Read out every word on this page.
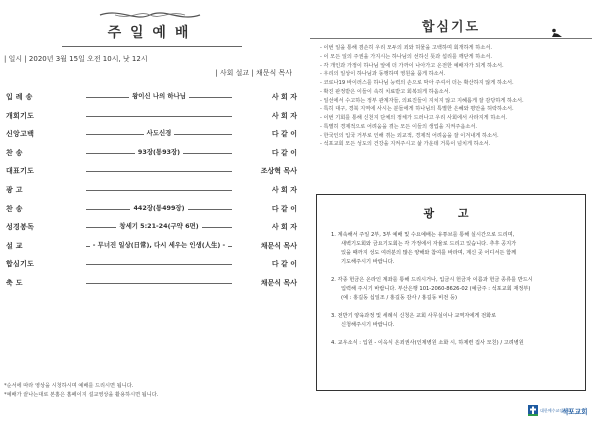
주 일 예 배
| 일시 | 2020년 3월 15일 오전 10시, 낫 12시
| 사회 설교 | 채문식 목사
입 례 송	왕이신 나의 하나님	사 회 자
개회기도	사 회 자
신앙고백	사도신경	다 같 이
찬 송	93장(통93장)	다 같 이
대표기도	조상혁 목사
광 고	사 회 자
찬 송	442장(통499장)	다 같 이
성경봉독	창세기 5:21-24(구약 6면)	사 회 자
설 교	- 무너진 일상(日常), 다시 세우는 인생(人生) -	채문식 목사
합심기도	다 같 이
축 도	채문식 목사
*순서에 따라 영상을 시청하시며 예배를 드리시면 됩니다.
*예배가 끝나는대로 본홈은 홈페이지 설교영상을 활용하시면 됩니다.
합심기도
- 이번 일을 통해 겸손히 우리 모두의 죄와 허물을 고백하며 회개하게 하소서.
- 이 모든 일의 주권을 가지시는 하나님의 선하신 뜻과 섭리를 깨닫게 하소서.
- 각 개인과 가정이 하나님 앞에 더 가까이 나아가고 온전한 예배자가 되게 하소서.
- 우리의 일상이 하나님과 동행하며 영원을 품게 하소서.
- 코로나19 바이러스를 하나님 능력의 손으로 막아 주셔서 더는 확산하지 않게 하소서.
- 확진 판정받은 이들이 속히 치료받고 회복되게 하옵소서.
- 일선에서 수고하는 정부 관계자들, 의료진들이 지치지 않고 지혜롭게 잘 감당하게 하소서.
- 특히 대구, 경북 지역에 사시는 분들에게 하나님의 특별한 은혜와 평안을 허락하소서.
- 이번 기회를 통해 신천지 단체의 정체가 드러나고 우리 사회에서 사라지게 하소서.
- 특별히 경제적으로 어려움을 겪는 모든 이들의 생업을 지켜주옵소서.
- 한국인의 입국 거부로 인해 겪는 외교적, 경제적 어려움을 잘 이겨내게 하소서.
- 석포교회 모든 성도의 건강을 지켜주시고 삶 가운데 거룩이 넘치게 하소서.
광 고
1. 계속해서 주일 2부, 3부 예배 및 수요예배는 유튜브를 통해 실시간으로 드리며,
새벽기도회와 금요기도회는 각 가정에서 자율로 드리고 있습니다. 추후 공지가
있을 때까지 성도 여러분의 많은 양해와 참여를 바라며, 계신 곳 어디서든 함께
기도해주시기 바랍니다.
2. 각종 헌금은 온라인 계좌를 통해 드리시거나, 입금시 헌금자 이름과 헌금 종류를 반드시
입력해 주시기 바랍니다. 부산은행 101-2060-8626-02 (예금주 : 석포교회 재정부)
(예 : 홍길동 십일조 / 홍길동 감사 / 홍길동 비전 등)
3. 전반기 양육과정 및 세례식 신청은 교회 사무실이나 교역자에게 전화로
신청해주시기 바랍니다.
4. 교우소식 : 입원 - 이옥식 온죄권사(인제병원 소화 시, 하제련 집사 모친) / 고려병원
대한예수교장로회
석포교회
